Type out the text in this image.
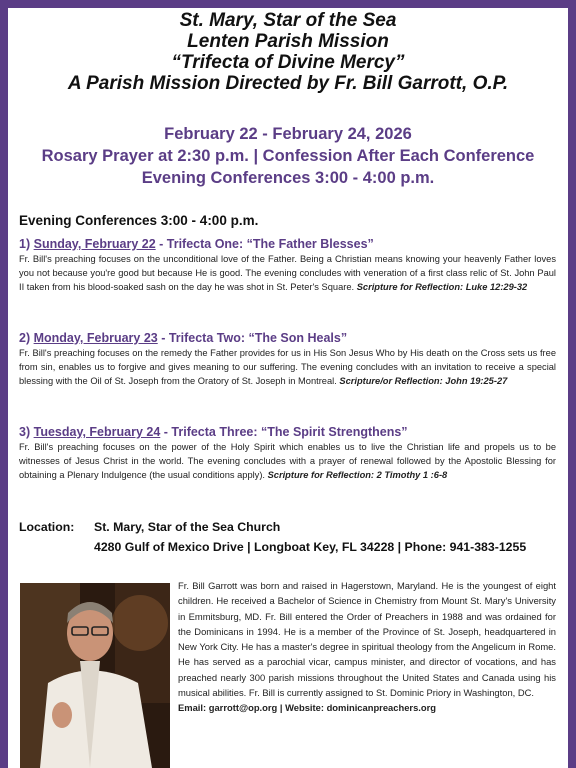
St. Mary, Star of the Sea
Lenten Parish Mission
“Trifecta of Divine Mercy”
A Parish Mission Directed by Fr. Bill Garrott, O.P.
February 22 - February 24, 2026
Rosary Prayer at 2:30 p.m. | Confession After Each Conference
Evening Conferences 3:00 - 4:00 p.m.
Evening Conferences 3:00 - 4:00 p.m.
1) Sunday, February 22 - Trifecta One: “The Father Blesses”
Fr. Bill's preaching focuses on the unconditional love of the Father. Being a Christian means knowing your heavenly Father loves you not because you're good but because He is good. The evening concludes with veneration of a first class relic of St. John Paul II taken from his blood-soaked sash on the day he was shot in St. Peter's Square. Scripture for Reflection: Luke 12:29-32
2) Monday, February 23 - Trifecta Two: “The Son Heals”
Fr. Bill's preaching focuses on the remedy the Father provides for us in His Son Jesus Who by His death on the Cross sets us free from sin, enables us to forgive and gives meaning to our suffering. The evening concludes with an invitation to receive a special blessing with the Oil of St. Joseph from the Oratory of St. Joseph in Montreal. Scripture/or Reflection: John 19:25-27
3) Tuesday, February 24 - Trifecta Three: “The Spirit Strengthens”
Fr. Bill's preaching focuses on the power of the Holy Spirit which enables us to live the Christian life and propels us to be witnesses of Jesus Christ in the world. The evening concludes with a prayer of renewal followed by the Apostolic Blessing for obtaining a Plenary Indulgence (the usual conditions apply). Scripture for Reflection: 2 Timothy 1 :6-8
Location: St. Mary, Star of the Sea Church
4280 Gulf of Mexico Drive | Longboat Key, FL 34228 | Phone: 941-383-1255
Fr. Bill Garrott was born and raised in Hagerstown, Maryland. He is the youngest of eight children. He received a Bachelor of Science in Chemistry from Mount St. Mary's University in Emmitsburg, MD. Fr. Bill entered the Order of Preachers in 1988 and was ordained for the Dominicans in 1994. He is a member of the Province of St. Joseph, headquartered in New York City. He has a master's degree in spiritual theology from the Angelicum in Rome. He has served as a parochial vicar, campus minister, and director of vocations, and has preached nearly 300 parish missions throughout the United States and Canada using his musical abilities. Fr. Bill is currently assigned to St. Dominic Priory in Washington, DC.
Email: garrott@op.org | Website: dominicanpreachers.org
